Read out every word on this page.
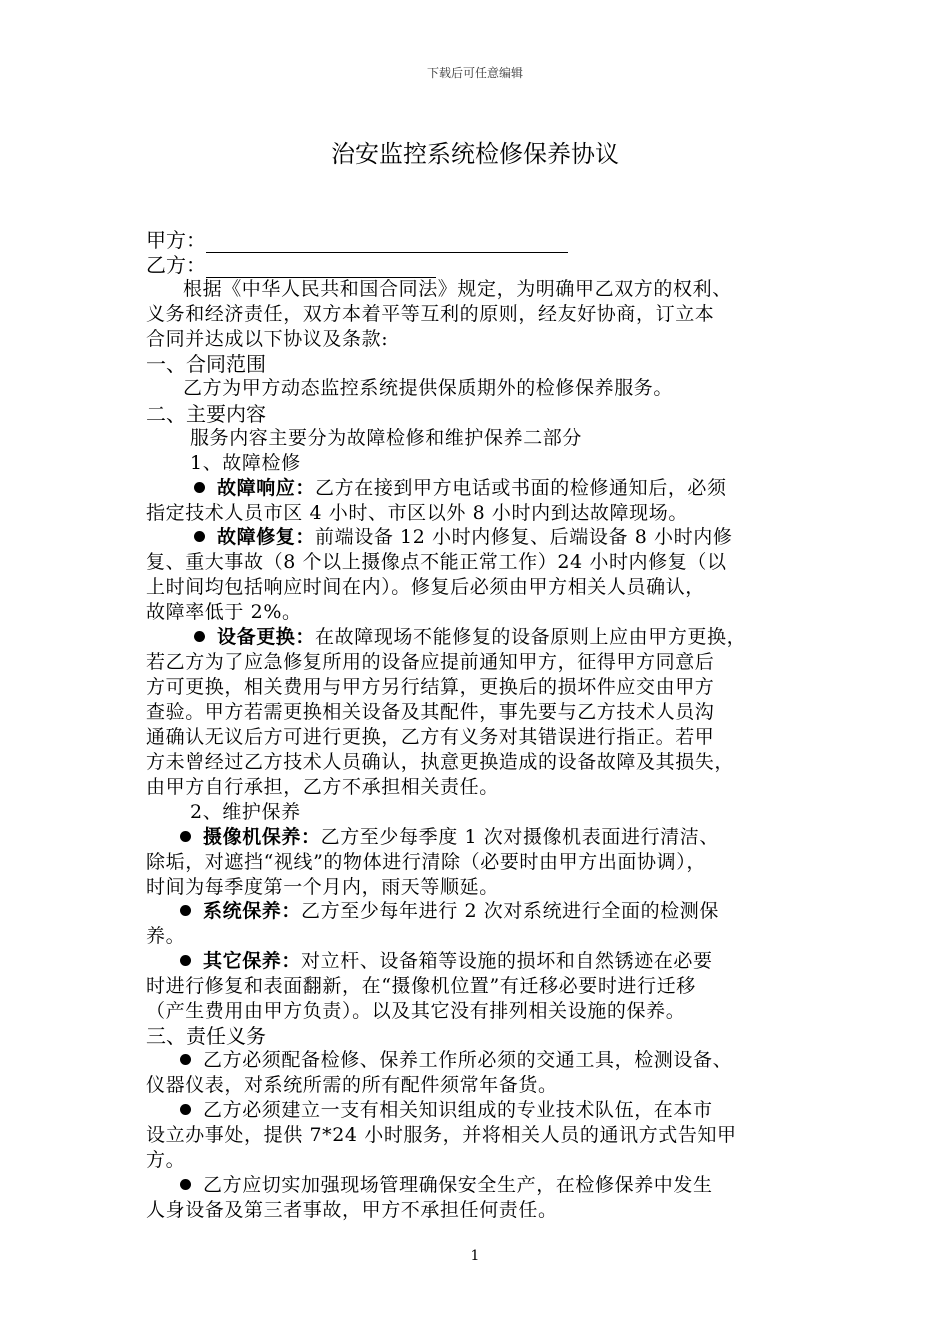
下载后可任意编辑
治安监控系统检修保养协议
甲方：
乙方：
根据《中华人民共和国合同法》规定，为明确甲乙双方的权利、
义务和经济责任，双方本着平等互利的原则，经友好协商，订立本
合同并达成以下协议及条款:
一、合同范围
乙方为甲方动态监控系统提供保质期外的检修保养服务。
二、主要内容
服务内容主要分为故障检修和维护保养二部分
1、故障检修
故障响应：乙方在接到甲方电话或书面的检修通知后，必须
指定技术人员市区 4 小时、市区以外 8 小时内到达故障现场。
故障修复：前端设备 12 小时内修复、后端设备 8 小时内修
复、重大事故（8 个以上摄像点不能正常工作）24 小时内修复（以
上时间均包括响应时间在内）。修复后必须由甲方相关人员确认，
故障率低于 2%。
设备更换：在故障现场不能修复的设备原则上应由甲方更换，
若乙方为了应急修复所用的设备应提前通知甲方，征得甲方同意后
方可更换，相关费用与甲方另行结算，更换后的损坏件应交由甲方
查验。甲方若需更换相关设备及其配件，事先要与乙方技术人员沟
通确认无议后方可进行更换，乙方有义务对其错误进行指正。若甲
方未曾经过乙方技术人员确认，执意更换造成的设备故障及其损失，
由甲方自行承担，乙方不承担相关责任。
2、维护保养
摄像机保养：乙方至少每季度 1 次对摄像机表面进行清洁、
除垢，对遮挡“视线”的物体进行清除（必要时由甲方出面协调），
时间为每季度第一个月内，雨天等顺延。
系统保养：乙方至少每年进行 2 次对系统进行全面的检测保
养。
其它保养：对立杆、设备箱等设施的损坏和自然锈迹在必要
时进行修复和表面翻新，在“摄像机位置”有迁移必要时进行迁移
（产生费用由甲方负责）。以及其它没有排列相关设施的保养。
三、责任义务
乙方必须配备检修、保养工作所必须的交通工具，检测设备、
仪器仪表，对系统所需的所有配件须常年备货。
乙方必须建立一支有相关知识组成的专业技术队伍，在本市
设立办事处，提供 7*24 小时服务，并将相关人员的通讯方式告知甲
方。
乙方应切实加强现场管理确保安全生产，在检修保养中发生
人身设备及第三者事故，甲方不承担任何责任。
1
